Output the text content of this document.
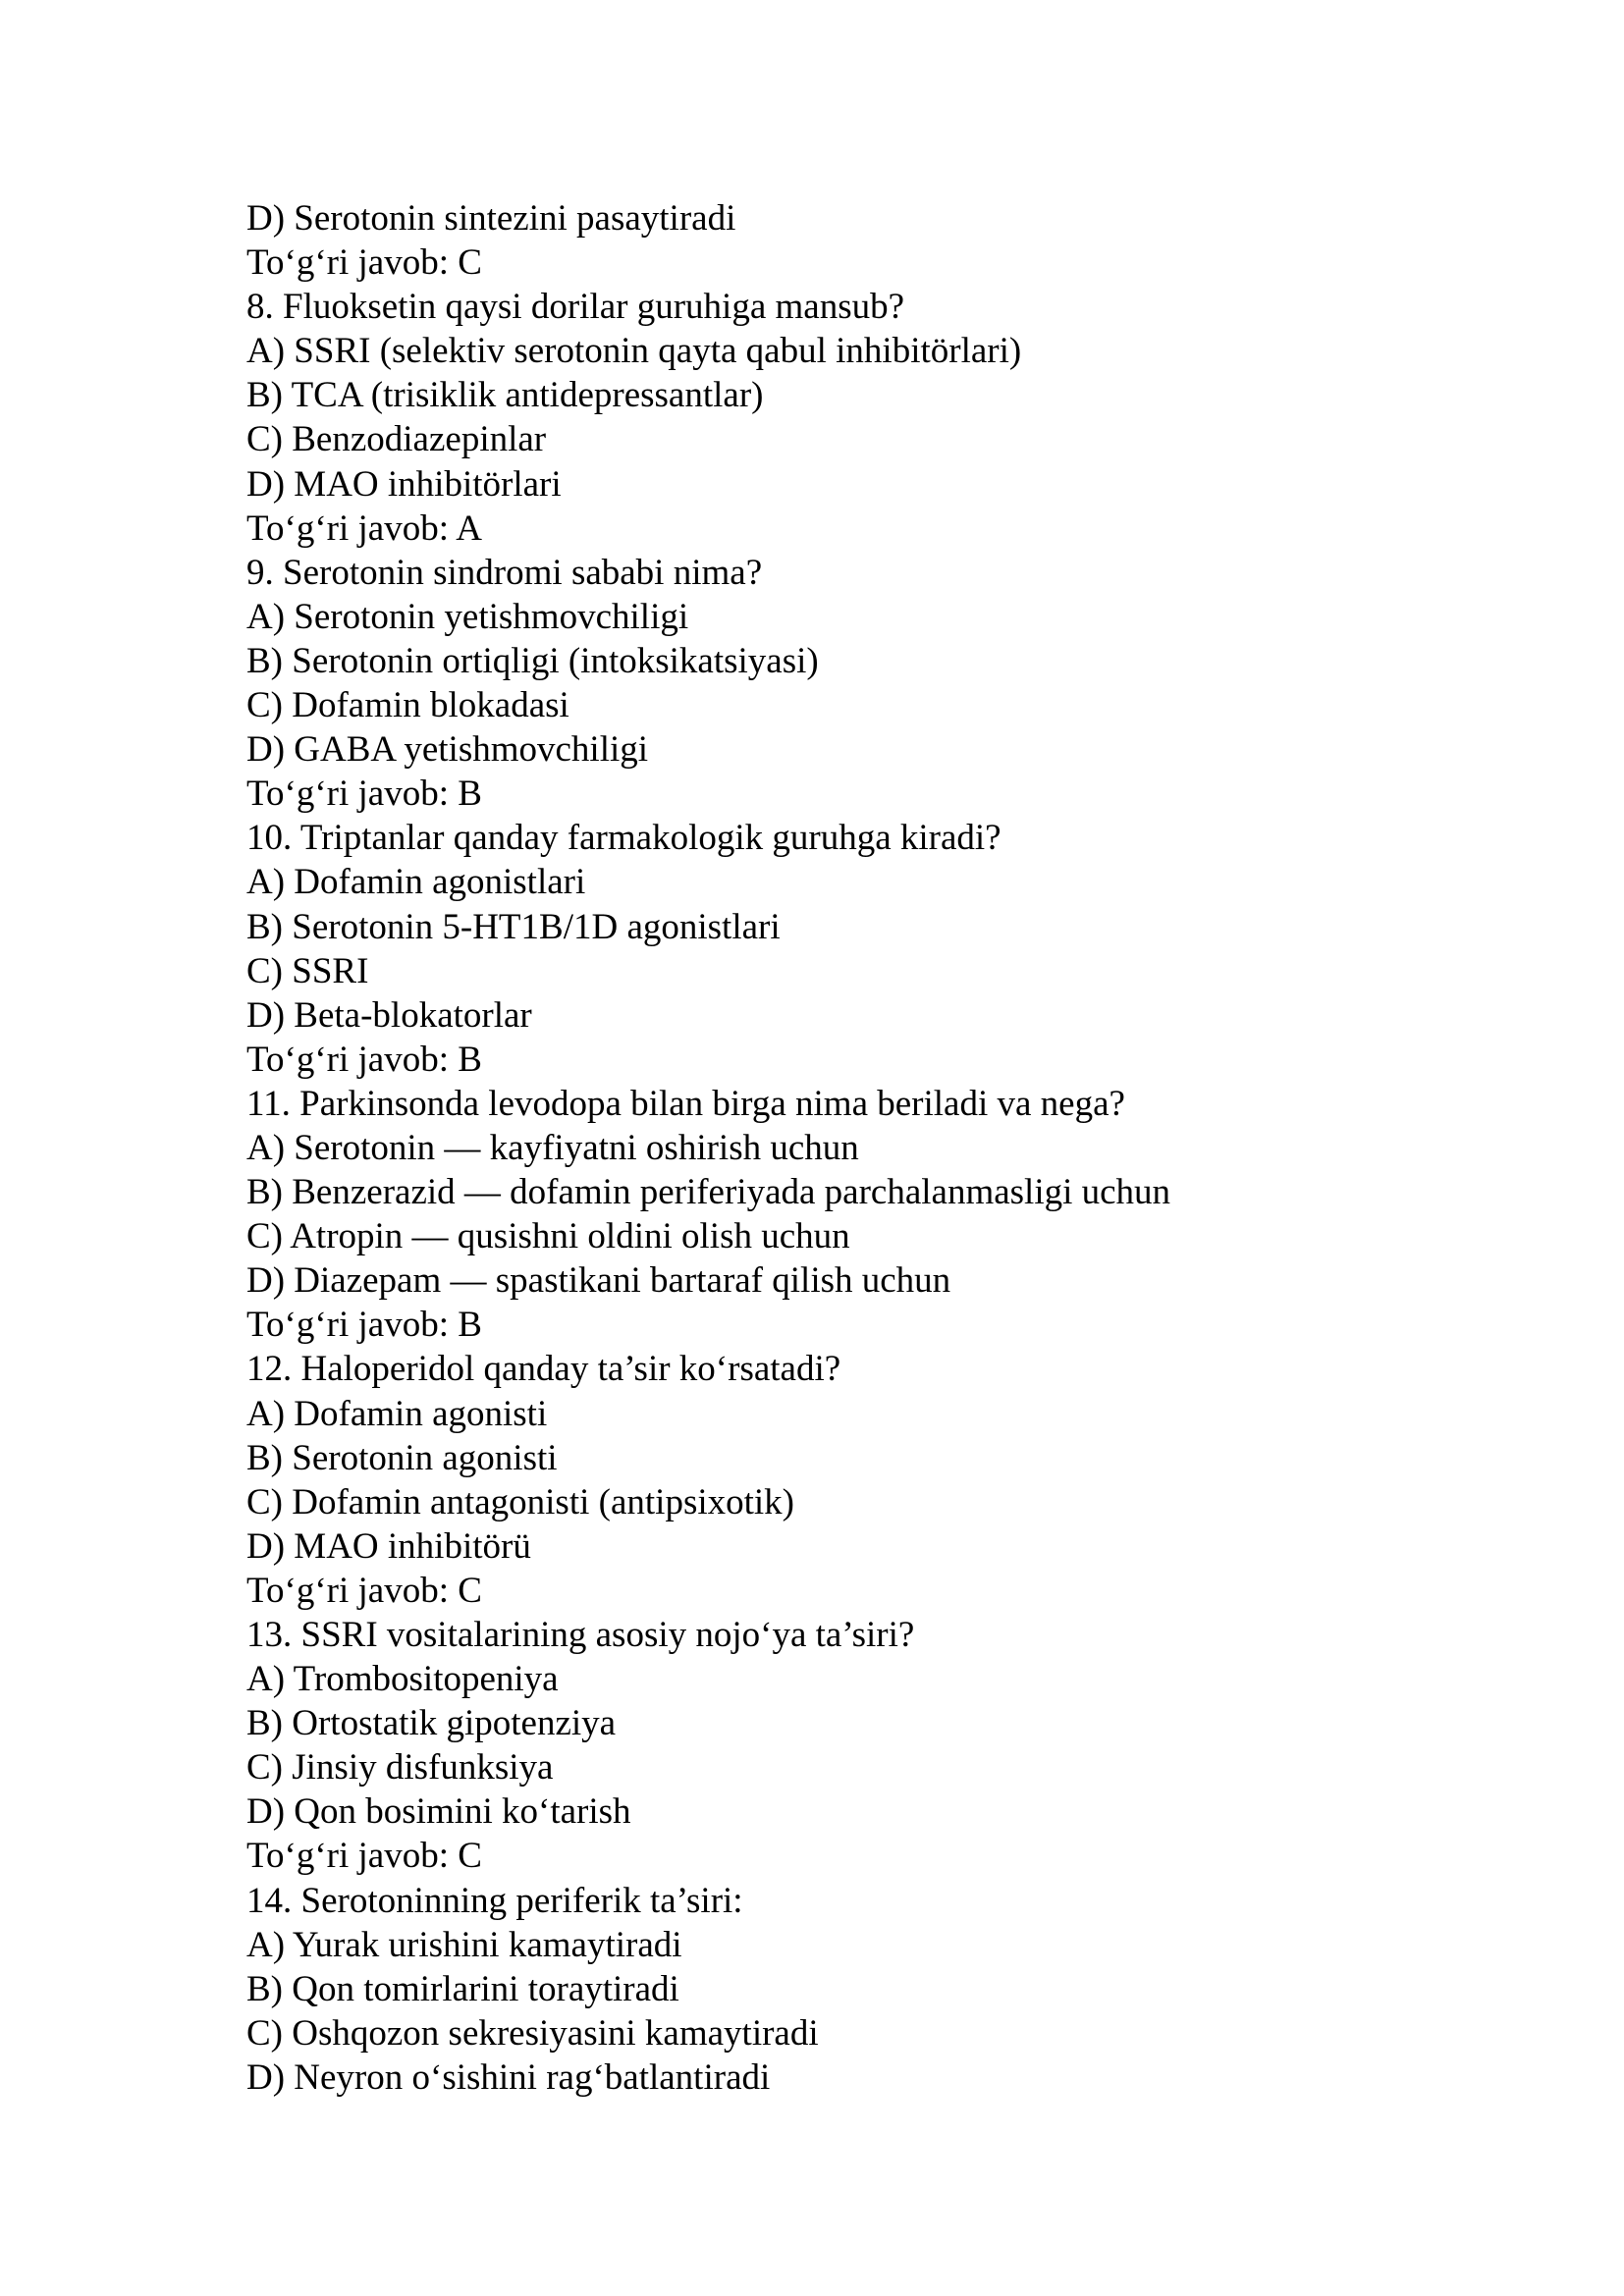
D) Serotonin sintezini pasaytiradi
To‘g‘ri javob: C
8. Fluoksetin qaysi dorilar guruhiga mansub?
A) SSRI (selektiv serotonin qayta qabul inhibitörlari)
B) TCA (trisiklik antidepressantlar)
C) Benzodiazepinlar
D) MAO inhibitörlari
To‘g‘ri javob: A
9. Serotonin sindromi sababi nima?
A) Serotonin yetishmovchiligi
B) Serotonin ortiqligi (intoksikatsiyasi)
C) Dofamin blokadasi
D) GABA yetishmovchiligi
To‘g‘ri javob: B
10. Triptanlar qanday farmakologik guruhga kiradi?
A) Dofamin agonistlari
B) Serotonin 5-HT1B/1D agonistlari
C) SSRI
D) Beta-blokatorlar
To‘g‘ri javob: B
11. Parkinsonda levodopa bilan birga nima beriladi va nega?
A) Serotonin — kayfiyatni oshirish uchun
B) Benzerazid — dofamin periferiyada parchalanmasligi uchun
C) Atropin — qusishni oldini olish uchun
D) Diazepam — spastikani bartaraf qilish uchun
To‘g‘ri javob: B
12. Haloperidol qanday ta’sir ko‘rsatadi?
A) Dofamin agonisti
B) Serotonin agonisti
C) Dofamin antagonisti (antipsixotik)
D) MAO inhibitörü
To‘g‘ri javob: C
13. SSRI vositalarining asosiy nojo‘ya ta’siri?
A) Trombositopeniya
B) Ortostatik gipotenziya
C) Jinsiy disfunksiya
D) Qon bosimini ko‘tarish
To‘g‘ri javob: C
14. Serotoninning periferik ta’siri:
A) Yurak urishini kamaytiradi
B) Qon tomirlarini toraytiradi
C) Oshqozon sekresiyasini kamaytiradi
D) Neyron o‘sishini rag‘batlantiradi
